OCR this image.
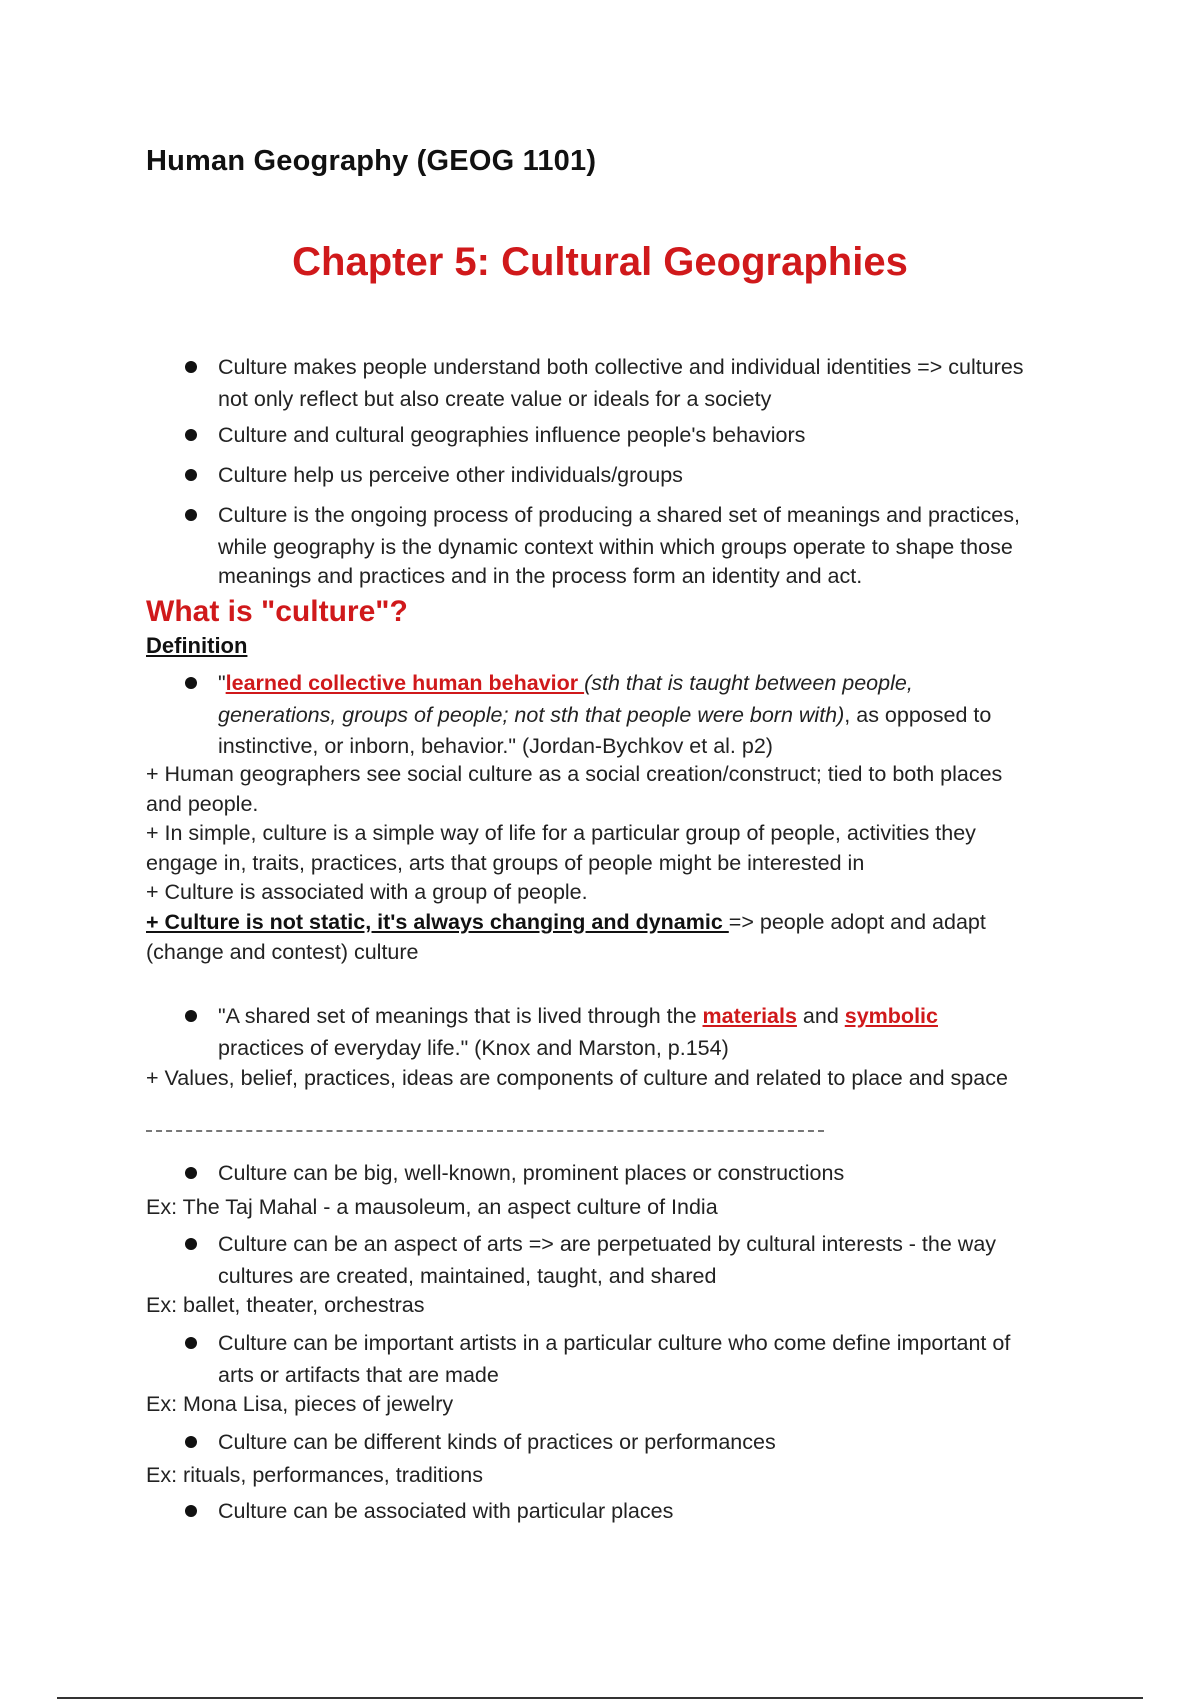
Human Geography (GEOG 1101)
Chapter 5: Cultural Geographies
Culture makes people understand both collective and individual identities => cultures
not only reflect but also create value or ideals for a society
Culture and cultural geographies influence people's behaviors
Culture help us perceive other individuals/groups
Culture is the ongoing process of producing a shared set of meanings and practices,
while geography is the dynamic context within which groups operate to shape those
meanings and practices and in the process form an identity and act.
What is "culture"?
Definition
"learned collective human behavior (sth that is taught between people,
generations, groups of people; not sth that people were born with), as opposed to
instinctive, or inborn, behavior." (Jordan-Bychkov et al. p2)
+ Human geographers see social culture as a social creation/construct; tied to both places
and people.
+ In simple, culture is a simple way of life for a particular group of people, activities they
engage in, traits, practices, arts that groups of people might be interested in
+ Culture is associated with a group of people.
+ Culture is not static, it's always changing and dynamic => people adopt and adapt
(change and contest) culture
"A shared set of meanings that is lived through the materials and symbolic
practices of everyday life." (Knox and Marston, p.154)
+ Values, belief, practices, ideas are components of culture and related to place and space
Culture can be big, well-known, prominent places or constructions
Ex: The Taj Mahal - a mausoleum, an aspect culture of India
Culture can be an aspect of arts => are perpetuated by cultural interests - the way
cultures are created, maintained, taught, and shared
Ex: ballet, theater, orchestras
Culture can be important artists in a particular culture who come define important of
arts or artifacts that are made
Ex: Mona Lisa, pieces of jewelry
Culture can be different kinds of practices or performances
Ex: rituals, performances, traditions
Culture can be associated with particular places
